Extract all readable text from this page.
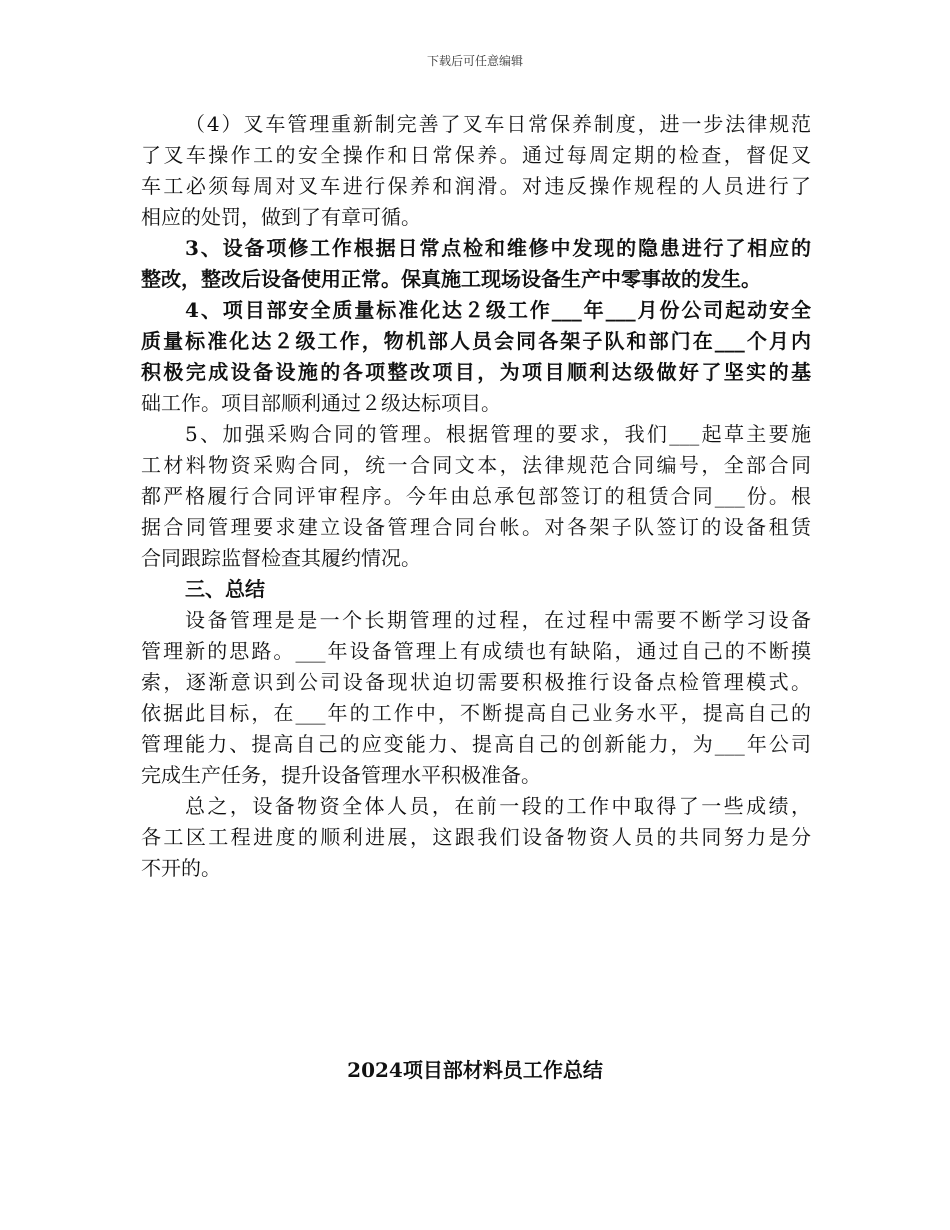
下载后可任意编辑

（4）叉车管理重新制完善了叉车日常保养制度，进一步法律规范

了叉车操作工的安全操作和日常保养。通过每周定期的检查，督促叉

车工必须每周对叉车进行保养和润滑。对违反操作规程的人员进行了

相应的处罚，做到了有章可循。

3、设备项修工作根据日常点检和维修中发现的隐患进行了相应的

整改，整改后设备使用正常。保真施工现场设备生产中零事故的发生。

4、项目部安全质量标准化达２级工作___年___月份公司起动安全

质量标准化达２级工作，物机部人员会同各架子队和部门在___个月内

积极完成设备设施的各项整改项目，为项目顺利达级做好了坚实的基

础工作。项目部顺利通过２级达标项目。

5、加强采购合同的管理。根据管理的要求，我们___起草主要施

工材料物资采购合同，统一合同文本，法律规范合同编号，全部合同

都严格履行合同评审程序。今年由总承包部签订的租赁合同___份。根

据合同管理要求建立设备管理合同台帐。对各架子队签订的设备租赁

合同跟踪监督检查其履约情况。

三、总结

设备管理是是一个长期管理的过程，在过程中需要不断学习设备

管理新的思路。___年设备管理上有成绩也有缺陷，通过自己的不断摸

索，逐渐意识到公司设备现状迫切需要积极推行设备点检管理模式。

依据此目标，在___年的工作中，不断提高自己业务水平，提高自己的

管理能力、提高自己的应变能力、提高自己的创新能力，为___年公司

完成生产任务，提升设备管理水平积极准备。

总之，设备物资全体人员，在前一段的工作中取得了一些成绩，

各工区工程进度的顺利进展，这跟我们设备物资人员的共同努力是分

不开的。

2024项目部材料员工作总结
